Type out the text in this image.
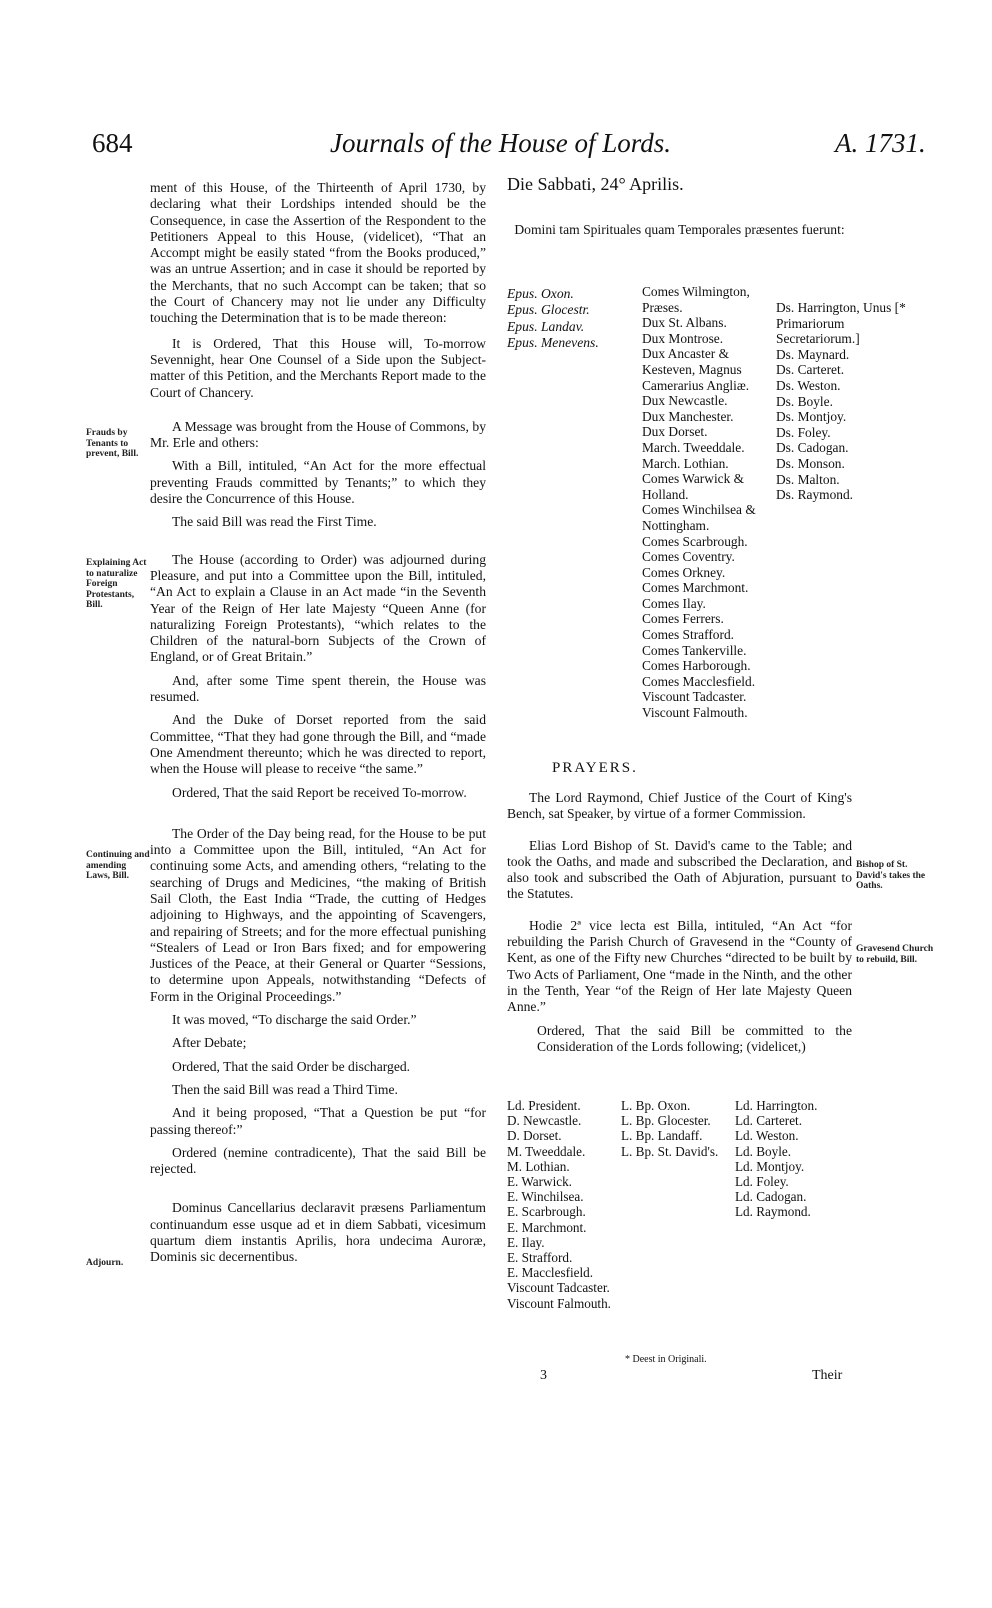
684	Journals of the House of Lords.	A. 1731.

ment of this House, of the Thirteenth of April 1730, by declaring what their Lordships intended should be the Consequence, in case the Assertion of the Respondent to the Petitioners Appeal to this House, (videlicet), “That an Accompt might be easily stated “from the Books produced,” was an untrue Assertion; and in case it should be reported by the Merchants, that no such Accompt can be taken; that so the Court of Chancery may not lie under any Difficulty touching the Determination that is to be made thereon:

It is Ordered, That this House will, To-morrow Sevennight, hear One Counsel of a Side upon the Subject-matter of this Petition, and the Merchants Report made to the Court of Chancery.

A Message was brought from the House of Commons, by Mr. Erle and others:

With a Bill, intituled, “An Act for the more effectual preventing Frauds committed by Tenants;” to which they desire the Concurrence of this House.

The said Bill was read the First Time.

The House (according to Order) was adjourned during Pleasure, and put into a Committee upon the Bill, intituled, “An Act to explain a Clause in an Act made “in the Seventh Year of the Reign of Her late Majesty “Queen Anne (for naturalizing Foreign Protestants), “which relates to the Children of the natural-born Subjects of the Crown of England, or of Great Britain.”

And, after some Time spent therein, the House was resumed.

And the Duke of Dorset reported from the said Committee, “That they had gone through the Bill, and “made One Amendment thereunto; which he was directed to report, when the House will please to receive “the same.”

Ordered, That the said Report be received To-morrow.

The Order of the Day being read, for the House to be put into a Committee upon the Bill, intituled, “An Act for continuing some Acts, and amending others, “relating to the searching of Drugs and Medicines, “the making of British Sail Cloth, the East India “Trade, the cutting of Hedges adjoining to Highways, and the appointing of Scavengers, and repairing of Streets; and for the more effectual punishing “Stealers of Lead or Iron Bars fixed; and for empowering Justices of the Peace, at their General or Quarter “Sessions, to determine upon Appeals, notwithstanding “Defects of Form in the Original Proceedings.”

It was moved, “To discharge the said Order.”

After Debate;

Ordered, That the said Order be discharged.

Then the said Bill was read a Third Time.

And it being proposed, “That a Question be put “for passing thereof:”

Ordered (nemine contradicente), That the said Bill be rejected.

Dominus Cancellarius declaravit præsens Parliamentum continuandum esse usque ad et in diem Sabbati, vicesimum quartum diem instantis Aprilis, hora undecima Auroræ, Dominis sic decernentibus.

Frauds by Tenants to prevent, Bill.
Explaining Act to naturalize Foreign Protestants, Bill.
Continuing and amending Laws, Bill.
Adjourn.
Die Sabbati, 24° Aprilis.
Domini tam Spirituales quam Temporales præsentes fuerunt:
Epus. Oxon.
Epus. Glocestr.
Epus. Landav.
Epus. Menevens.
Comes Wilmington, Præses.
Dux St. Albans.
Dux Montrose.
Dux Ancaster & Kesteven, Magnus Camerarius Angliæ.
Dux Newcastle.
Dux Manchester.
Dux Dorset.
March. Tweeddale.
March. Lothian.
Comes Warwick & Holland.
Comes Winchilsea & Nottingham.
Comes Scarbrough.
Comes Coventry.
Comes Orkney.
Comes Marchmont.
Comes Ilay.
Comes Ferrers.
Comes Strafford.
Comes Tankerville.
Comes Harborough.
Comes Macclesfield.
Viscount Tadcaster.
Viscount Falmouth.
Ds. Harrington, Unus [* Primariorum Secretariorum.]
Ds. Maynard.
Ds. Carteret.
Ds. Weston.
Ds. Boyle.
Ds. Montjoy.
Ds. Foley.
Ds. Cadogan.
Ds. Monson.
Ds. Malton.
Ds. Raymond.
PRAYERS.

The Lord Raymond, Chief Justice of the Court of King's Bench, sat Speaker, by virtue of a former Commission.

Elias Lord Bishop of St. David's came to the Table; and took the Oaths, and made and subscribed the Declaration, and also took and subscribed the Oath of Abjuration, pursuant to the Statutes.

Hodie 2ª vice lecta est Billa, intituled, “An Act “for rebuilding the Parish Church of Gravesend in the “County of Kent, as one of the Fifty new Churches “directed to be built by Two Acts of Parliament, One “made in the Ninth, and the other in the Tenth, Year “of the Reign of Her late Majesty Queen Anne.”

Ordered, That the said Bill be committed to the Consideration of the Lords following; (videlicet,)

Bishop of St. David's takes the Oaths.
Gravesend Church to rebuild, Bill.
Ld. President.
D. Newcastle.
D. Dorset.
M. Tweeddale.
M. Lothian.
E. Warwick.
E. Winchilsea.
E. Scarbrough.
E. Marchmont.
E. Ilay.
E. Strafford.
E. Macclesfield.
Viscount Tadcaster.
Viscount Falmouth.
L. Bp. Oxon.
L. Bp. Glocester.
L. Bp. Landaff.
L. Bp. St. David's.
Ld. Harrington.
Ld. Carteret.
Ld. Weston.
Ld. Boyle.
Ld. Montjoy.
Ld. Foley.
Ld. Cadogan.
Ld. Raymond.
* Deest in Originali.
3	Their
